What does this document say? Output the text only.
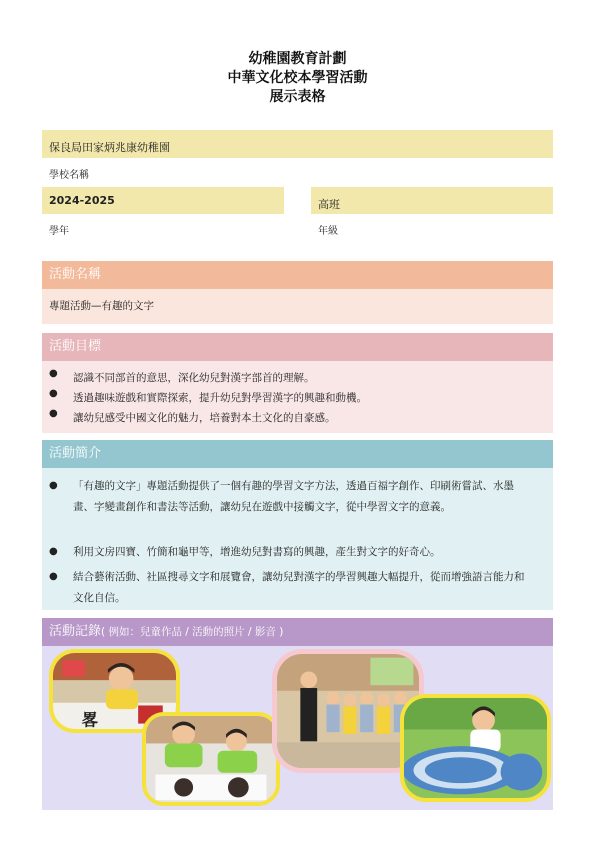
幼稚園教育計劃
中華文化校本學習活動
展示表格
保良局田家炳兆康幼稚園
學校名稱
2024-2025
學年
高班
年級
活動名稱
專題活動—有趣的文字
活動目標
● 認識不同部首的意思，深化幼兒對漢字部首的理解。
● 透過趣味遊戲和實際探索，提升幼兒對學習漢字的興趣和動機。
● 讓幼兒感受中國文化的魅力，培養對本土文化的自豪感。
活動簡介
● 「有趣的文字」專題活動提供了一個有趣的學習文字方法，透過百福字創作、印刷術嘗試、水墨畫、字變畫創作和書法等活動，讓幼兒在遊戲中接觸文字，從中學習文字的意義。
● 利用文房四寶、竹簡和龜甲等，增進幼兒對書寫的興趣，產生對文字的好奇心。
● 結合藝術活動、社區搜尋文字和展覽會，讓幼兒對漢字的學習興趣大幅提升，從而增強語言能力和文化自信。
活動記錄( 例如：兒童作品 / 活動的照片 / 影音 )
畧
